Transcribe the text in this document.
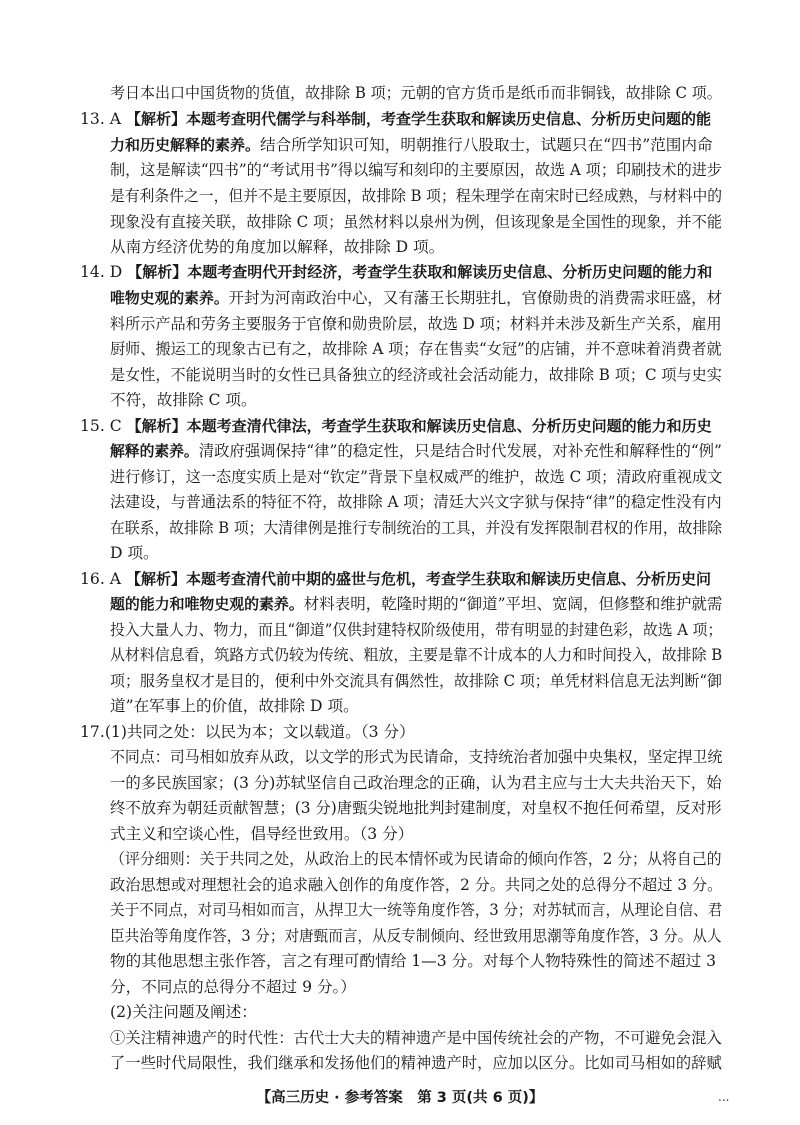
考日本出口中国货物的货值，故排除 B 项；元朝的官方货币是纸币而非铜钱，故排除 C 项。
13. A 【解析】本题考查明代儒学与科举制，考查学生获取和解读历史信息、分析历史问题的能
力和历史解释的素养。结合所学知识可知，明朝推行八股取士，试题只在“四书”范围内命
制，这是解读“四书”的“考试用书”得以编写和刻印的主要原因，故选 A 项；印刷技术的进步
是有利条件之一，但并不是主要原因，故排除 B 项；程朱理学在南宋时已经成熟，与材料中的
现象没有直接关联，故排除 C 项；虽然材料以泉州为例，但该现象是全国性的现象，并不能
从南方经济优势的角度加以解释，故排除 D 项。
14. D 【解析】本题考查明代开封经济，考查学生获取和解读历史信息、分析历史问题的能力和
唯物史观的素养。开封为河南政治中心，又有藩王长期驻扎，官僚勋贵的消费需求旺盛，材
料所示产品和劳务主要服务于官僚和勋贵阶层，故选 D 项；材料并未涉及新生产关系，雇用
厨师、搬运工的现象古已有之，故排除 A 项；存在售卖“女冠”的店铺，并不意味着消费者就
是女性，不能说明当时的女性已具备独立的经济或社会活动能力，故排除 B 项；C 项与史实
不符，故排除 C 项。
15. C 【解析】本题考查清代律法，考查学生获取和解读历史信息、分析历史问题的能力和历史
解释的素养。清政府强调保持“律”的稳定性，只是结合时代发展，对补充性和解释性的“例”
进行修订，这一态度实质上是对“钦定”背景下皇权威严的维护，故选 C 项；清政府重视成文
法建设，与普通法系的特征不符，故排除 A 项；清廷大兴文字狱与保持“律”的稳定性没有内
在联系，故排除 B 项；大清律例是推行专制统治的工具，并没有发挥限制君权的作用，故排除
D 项。
16. A 【解析】本题考查清代前中期的盛世与危机，考查学生获取和解读历史信息、分析历史问
题的能力和唯物史观的素养。材料表明，乾隆时期的“御道”平坦、宽阔，但修整和维护就需
投入大量人力、物力，而且“御道”仅供封建特权阶级使用，带有明显的封建色彩，故选 A 项；
从材料信息看，筑路方式仍较为传统、粗放，主要是靠不计成本的人力和时间投入，故排除 B
项；服务皇权才是目的，便利中外交流具有偶然性，故排除 C 项；单凭材料信息无法判断“御
道”在军事上的价值，故排除 D 项。
17.(1)共同之处：以民为本；文以载道。（3 分）
不同点：司马相如放弃从政，以文学的形式为民请命，支持统治者加强中央集权，坚定捍卫统
一的多民族国家；(3 分)苏轼坚信自己政治理念的正确，认为君主应与士大夫共治天下，始
终不放弃为朝廷贡献智慧；(3 分)唐甄尖锐地批判封建制度，对皇权不抱任何希望，反对形
式主义和空谈心性，倡导经世致用。（3 分）
（评分细则：关于共同之处，从政治上的民本情怀或为民请命的倾向作答，2 分；从将自己的
政治思想或对理想社会的追求融入创作的角度作答，2 分。共同之处的总得分不超过 3 分。
关于不同点，对司马相如而言，从捍卫大一统等角度作答，3 分；对苏轼而言，从理论自信、君
臣共治等角度作答，3 分；对唐甄而言，从反专制倾向、经世致用思潮等角度作答，3 分。从人
物的其他思想主张作答，言之有理可酌情给 1—3 分。对每个人物特殊性的简述不超过 3
分，不同点的总得分不超过 9 分。）
(2)关注问题及阐述：
①关注精神遗产的时代性：古代士大夫的精神遗产是中国传统社会的产物，不可避免会混入
了一些时代局限性，我们继承和发扬他们的精神遗产时，应加以区分。比如司马相如的辞赋
【高三历史 · 参考答案　第 3 页(共 6 页)】	...
